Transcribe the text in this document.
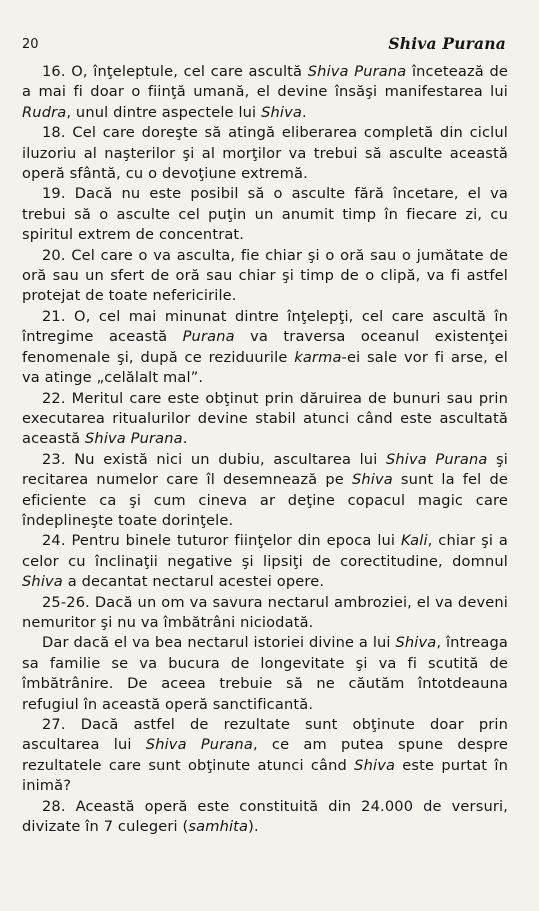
20	Shiva Purana

16. O, înţeleptule, cel care ascultă Shiva Purana încetează de a mai fi doar o fiinţă umană, el devine însăşi manifestarea lui Rudra, unul dintre aspectele lui Shiva.

18. Cel care doreşte să atingă eliberarea completă din ciclul iluzoriu al naşterilor şi al morţilor va trebui să asculte această operă sfântă, cu o devoţiune extremă.

19. Dacă nu este posibil să o asculte fără încetare, el va trebui să o asculte cel puţin un anumit timp în fiecare zi, cu spiritul extrem de concentrat.

20. Cel care o va asculta, fie chiar şi o oră sau o jumătate de oră sau un sfert de oră sau chiar şi timp de o clipă, va fi astfel protejat de toate nefericirile.

21. O, cel mai minunat dintre înţelepţi, cel care ascultă în întregime această Purana va traversa oceanul existenţei fenomenale şi, după ce reziduurile karma-ei sale vor fi arse, el va atinge „celălalt mal”.

22. Meritul care este obţinut prin dăruirea de bunuri sau prin executarea ritualurilor devine stabil atunci când este ascultată această Shiva Purana.

23. Nu există nici un dubiu, ascultarea lui Shiva Purana şi recitarea numelor care îl desemnează pe Shiva sunt la fel de eficiente ca şi cum cineva ar deţine copacul magic care îndeplineşte toate dorinţele.

24. Pentru binele tuturor fiinţelor din epoca lui Kali, chiar şi a celor cu înclinaţii negative şi lipsiţi de corectitudine, domnul Shiva a decantat nectarul acestei opere.

25-26. Dacă un om va savura nectarul ambroziei, el va deveni nemuritor şi nu va îmbătrâni niciodată.

Dar dacă el va bea nectarul istoriei divine a lui Shiva, întreaga sa familie se va bucura de longevitate şi va fi scutită de îmbătrânire. De aceea trebuie să ne căutăm întotdeauna refugiul în această operă sanctificantă.

27. Dacă astfel de rezultate sunt obţinute doar prin ascultarea lui Shiva Purana, ce am putea spune despre rezultatele care sunt obţinute atunci când Shiva este purtat în inimă?

28. Această operă este constituită din 24.000 de versuri, divizate în 7 culegeri (samhita).
